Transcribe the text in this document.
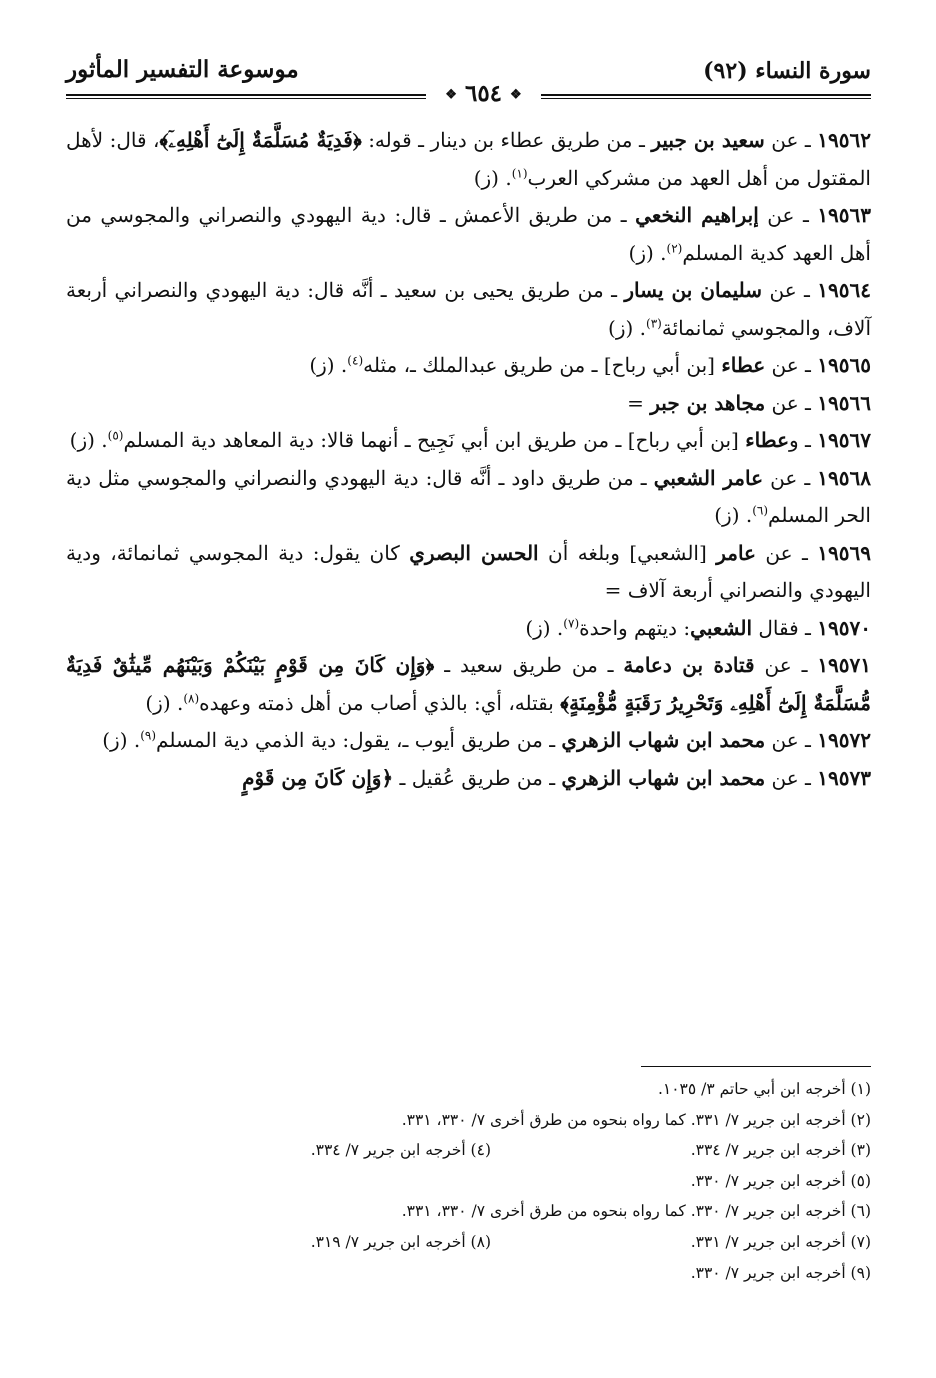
سورة النساء (٩٢)
موسوعة التفسير المأثور
❖ ٦٥٤ ❖

١٩٥٦٢ ـ عن سعيد بن جبير ـ من طريق عطاء بن دينار ـ قوله: ﴿فَدِيَةٌ مُسَلَّمَةٌ إِلَىٰٓ أَهْلِهِۦٓ﴾، قال: لأهل المقتول من أهل العهد من مشركي العرب$^{(١)}$. (ز)

١٩٥٦٣ ـ عن إبراهيم النخعي ـ من طريق الأعمش ـ قال: دية اليهودي والنصراني والمجوسي من أهل العهد كدية المسلم$^{(٢)}$. (ز)

١٩٥٦٤ ـ عن سليمان بن يسار ـ من طريق يحيى بن سعيد ـ أنَّه قال: دية اليهودي والنصراني أربعة آلاف، والمجوسي ثمانمائة$^{(٣)}$. (ز)

١٩٥٦٥ ـ عن عطاء [بن أبي رباح] ـ من طريق عبدالملك ـ، مثله$^{(٤)}$. (ز)

١٩٥٦٦ ـ عن مجاهد بن جبر =

١٩٥٦٧ ـ وعطاء [بن أبي رباح] ـ من طريق ابن أبي نَجِيح ـ أنهما قالا: دية المعاهد دية المسلم$^{(٥)}$. (ز)

١٩٥٦٨ ـ عن عامر الشعبي ـ من طريق داود ـ أنَّه قال: دية اليهودي والنصراني والمجوسي مثل دية الحر المسلم$^{(٦)}$. (ز)

١٩٥٦٩ ـ عن عامر [الشعبي] وبلغه أن الحسن البصري كان يقول: دية المجوسي ثمانمائة، ودية اليهودي والنصراني أربعة آلاف =

١٩٥٧٠ ـ فقال الشعبي: ديتهم واحدة$^{(٧)}$. (ز)

١٩٥٧١ ـ عن قتادة بن دعامة ـ من طريق سعيد ـ ﴿وَإِن كَانَ مِن قَوْمٍ بَيْنَكُمْ وَبَيْنَهُم مِّيثَٰقٌ فَدِيَةٌ مُّسَلَّمَةٌ إِلَىٰٓ أَهْلِهِۦ وَتَحْرِيرُ رَقَبَةٍ مُّؤْمِنَةٍ﴾ بقتله، أي: بالذي أصاب من أهل ذمته وعهده$^{(٨)}$. (ز)

١٩٥٧٢ ـ عن محمد ابن شهاب الزهري ـ من طريق أيوب ـ، يقول: دية الذمي دية المسلم$^{(٩)}$. (ز)

١٩٥٧٣ ـ عن محمد ابن شهاب الزهري ـ من طريق عُقيل ـ ﴿وَإِن كَانَ مِن قَوْمٍ

(١) أخرجه ابن أبي حاتم ٣/ ١٠٣٥.
(٢) أخرجه ابن جرير ٧/ ٣٣١. كما رواه بنحوه من طرق أخرى ٧/ ٣٣٠، ٣٣١.
(٣) أخرجه ابن جرير ٧/ ٣٣٤.
(٤) أخرجه ابن جرير ٧/ ٣٣٤.
(٥) أخرجه ابن جرير ٧/ ٣٣٠.
(٦) أخرجه ابن جرير ٧/ ٣٣٠. كما رواه بنحوه من طرق أخرى ٧/ ٣٣٠، ٣٣١.
(٧) أخرجه ابن جرير ٧/ ٣٣١.
(٨) أخرجه ابن جرير ٧/ ٣١٩.
(٩) أخرجه ابن جرير ٧/ ٣٣٠.
